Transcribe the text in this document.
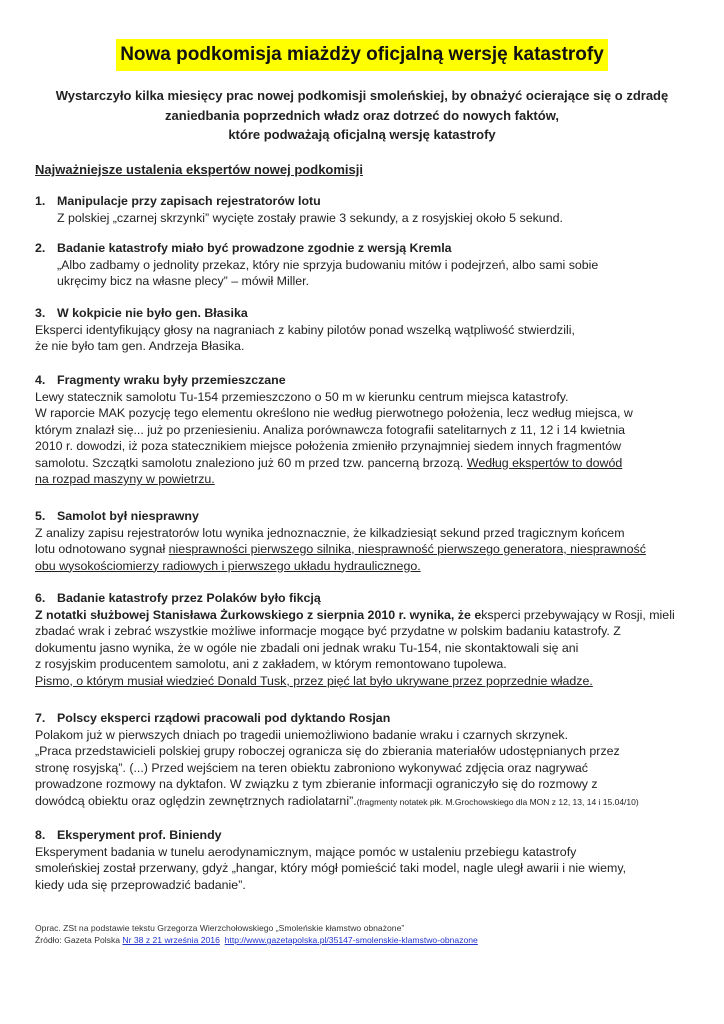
Nowa podkomisja miażdży oficjalną wersję katastrofy
Wystarczyło kilka miesięcy prac nowej podkomisji smoleńskiej, by obnażyć ocierające się o zdradę
zaniedbania poprzednich władz oraz dotrzeć do nowych faktów,
które podważają oficjalną wersję katastrofy
Najważniejsze ustalenia ekspertów nowej podkomisji
1. Manipulacje przy zapisach rejestratorów lotu
Z polskiej „czarnej skrzynki” wycięte zostały prawie 3 sekundy, a z rosyjskiej około 5 sekund.
2. Badanie katastrofy miało być prowadzone zgodnie z wersją Kremla
„Albo zadbamy o jednolity przekaz, który nie sprzyja budowaniu mitów i podejrzeń, albo sami sobie
ukręcimy bicz na własne plecy” – mówił Miller.
3. W kokpicie nie było gen. Błasika
Eksperci identyfikujący głosy na nagraniach z kabiny pilotów ponad wszelką wątpliwość stwierdzili,
że nie było tam gen. Andrzeja Błasika.
4. Fragmenty wraku były przemieszczane
Lewy statecznik samolotu Tu-154 przemieszczono o 50 m w kierunku centrum miejsca katastrofy.
W raporcie MAK pozycję tego elementu określono nie według pierwotnego położenia, lecz według miejsca, w
którym znalazł się... już po przeniesieniu. Analiza porównawcza fotografii satelitarnych z 11, 12 i 14 kwietnia
2010 r. dowodzi, iż poza statecznikiem miejsce położenia zmieniło przynajmniej siedem innych fragmentów
samolotu. Szczątki samolotu znaleziono już 60 m przed tzw. pancerną brzozą. Według ekspertów to dowód
na rozpad maszyny w powietrzu.
5. Samolot był niesprawny
Z analizy zapisu rejestratorów lotu wynika jednoznacznie, że kilkadziesiąt sekund przed tragicznym końcem
lotu odnotowano sygnał niesprawności pierwszego silnika, niesprawność pierwszego generatora, niesprawność
obu wysokościomierzy radiowych i pierwszego układu hydraulicznego.
6. Badanie katastrofy przez Polaków było fikcją
Z notatki służbowej Stanisława Żurkowskiego z sierpnia 2010 r. wynika, że eksperci przebywający w Rosji, mieli
zbadać wrak i zebrać wszystkie możliwe informacje mogące być przydatne w polskim badaniu katastrofy. Z
dokumentu jasno wynika, że w ogóle nie zbadali oni jednak wraku Tu-154, nie skontaktowali się ani
z rosyjskim producentem samolotu, ani z zakładem, w którym remontowano tupolewa.
Pismo, o którym musiał wiedzieć Donald Tusk, przez pięć lat było ukrywane przez poprzednie władze.
7. Polscy eksperci rządowi pracowali pod dyktando Rosjan
Polakom już w pierwszych dniach po tragedii uniemożliwiono badanie wraku i czarnych skrzynek.
„Praca przedstawicieli polskiej grupy roboczej ogranicza się do zbierania materiałów udostępnianych przez
stronę rosyjską”. (...) Przed wejściem na teren obiektu zabroniono wykonywać zdjęcia oraz nagrywać
prowadzone rozmowy na dyktafon. W związku z tym zbieranie informacji ograniczyło się do rozmowy z
dowódcą obiektu oraz oględzin zewnętrznych radiolatarni”.(fragmenty notatek płk. M.Grochowskiego dla MON z 12, 13, 14 i 15.04/10)
8. Eksperyment prof. Biniendy
Eksperyment badania w tunelu aerodynamicznym, mające pomóc w ustaleniu przebiegu katastrofy
smoleńskiej został przerwany, gdyż „hangar, który mógł pomieścić taki model, nagle uległ awarii i nie wiemy,
kiedy uda się przeprowadzić badanie”.
Oprac. ZSt na podstawie tekstu Grzegorza Wierzchołowskiego „Smoleńskie kłamstwo obnażone”
Źródło: Gazeta Polska Nr 38 z 21 września 2016 http://www.gazetapolska.pl/35147-smolenskie-klamstwo-obnazone
